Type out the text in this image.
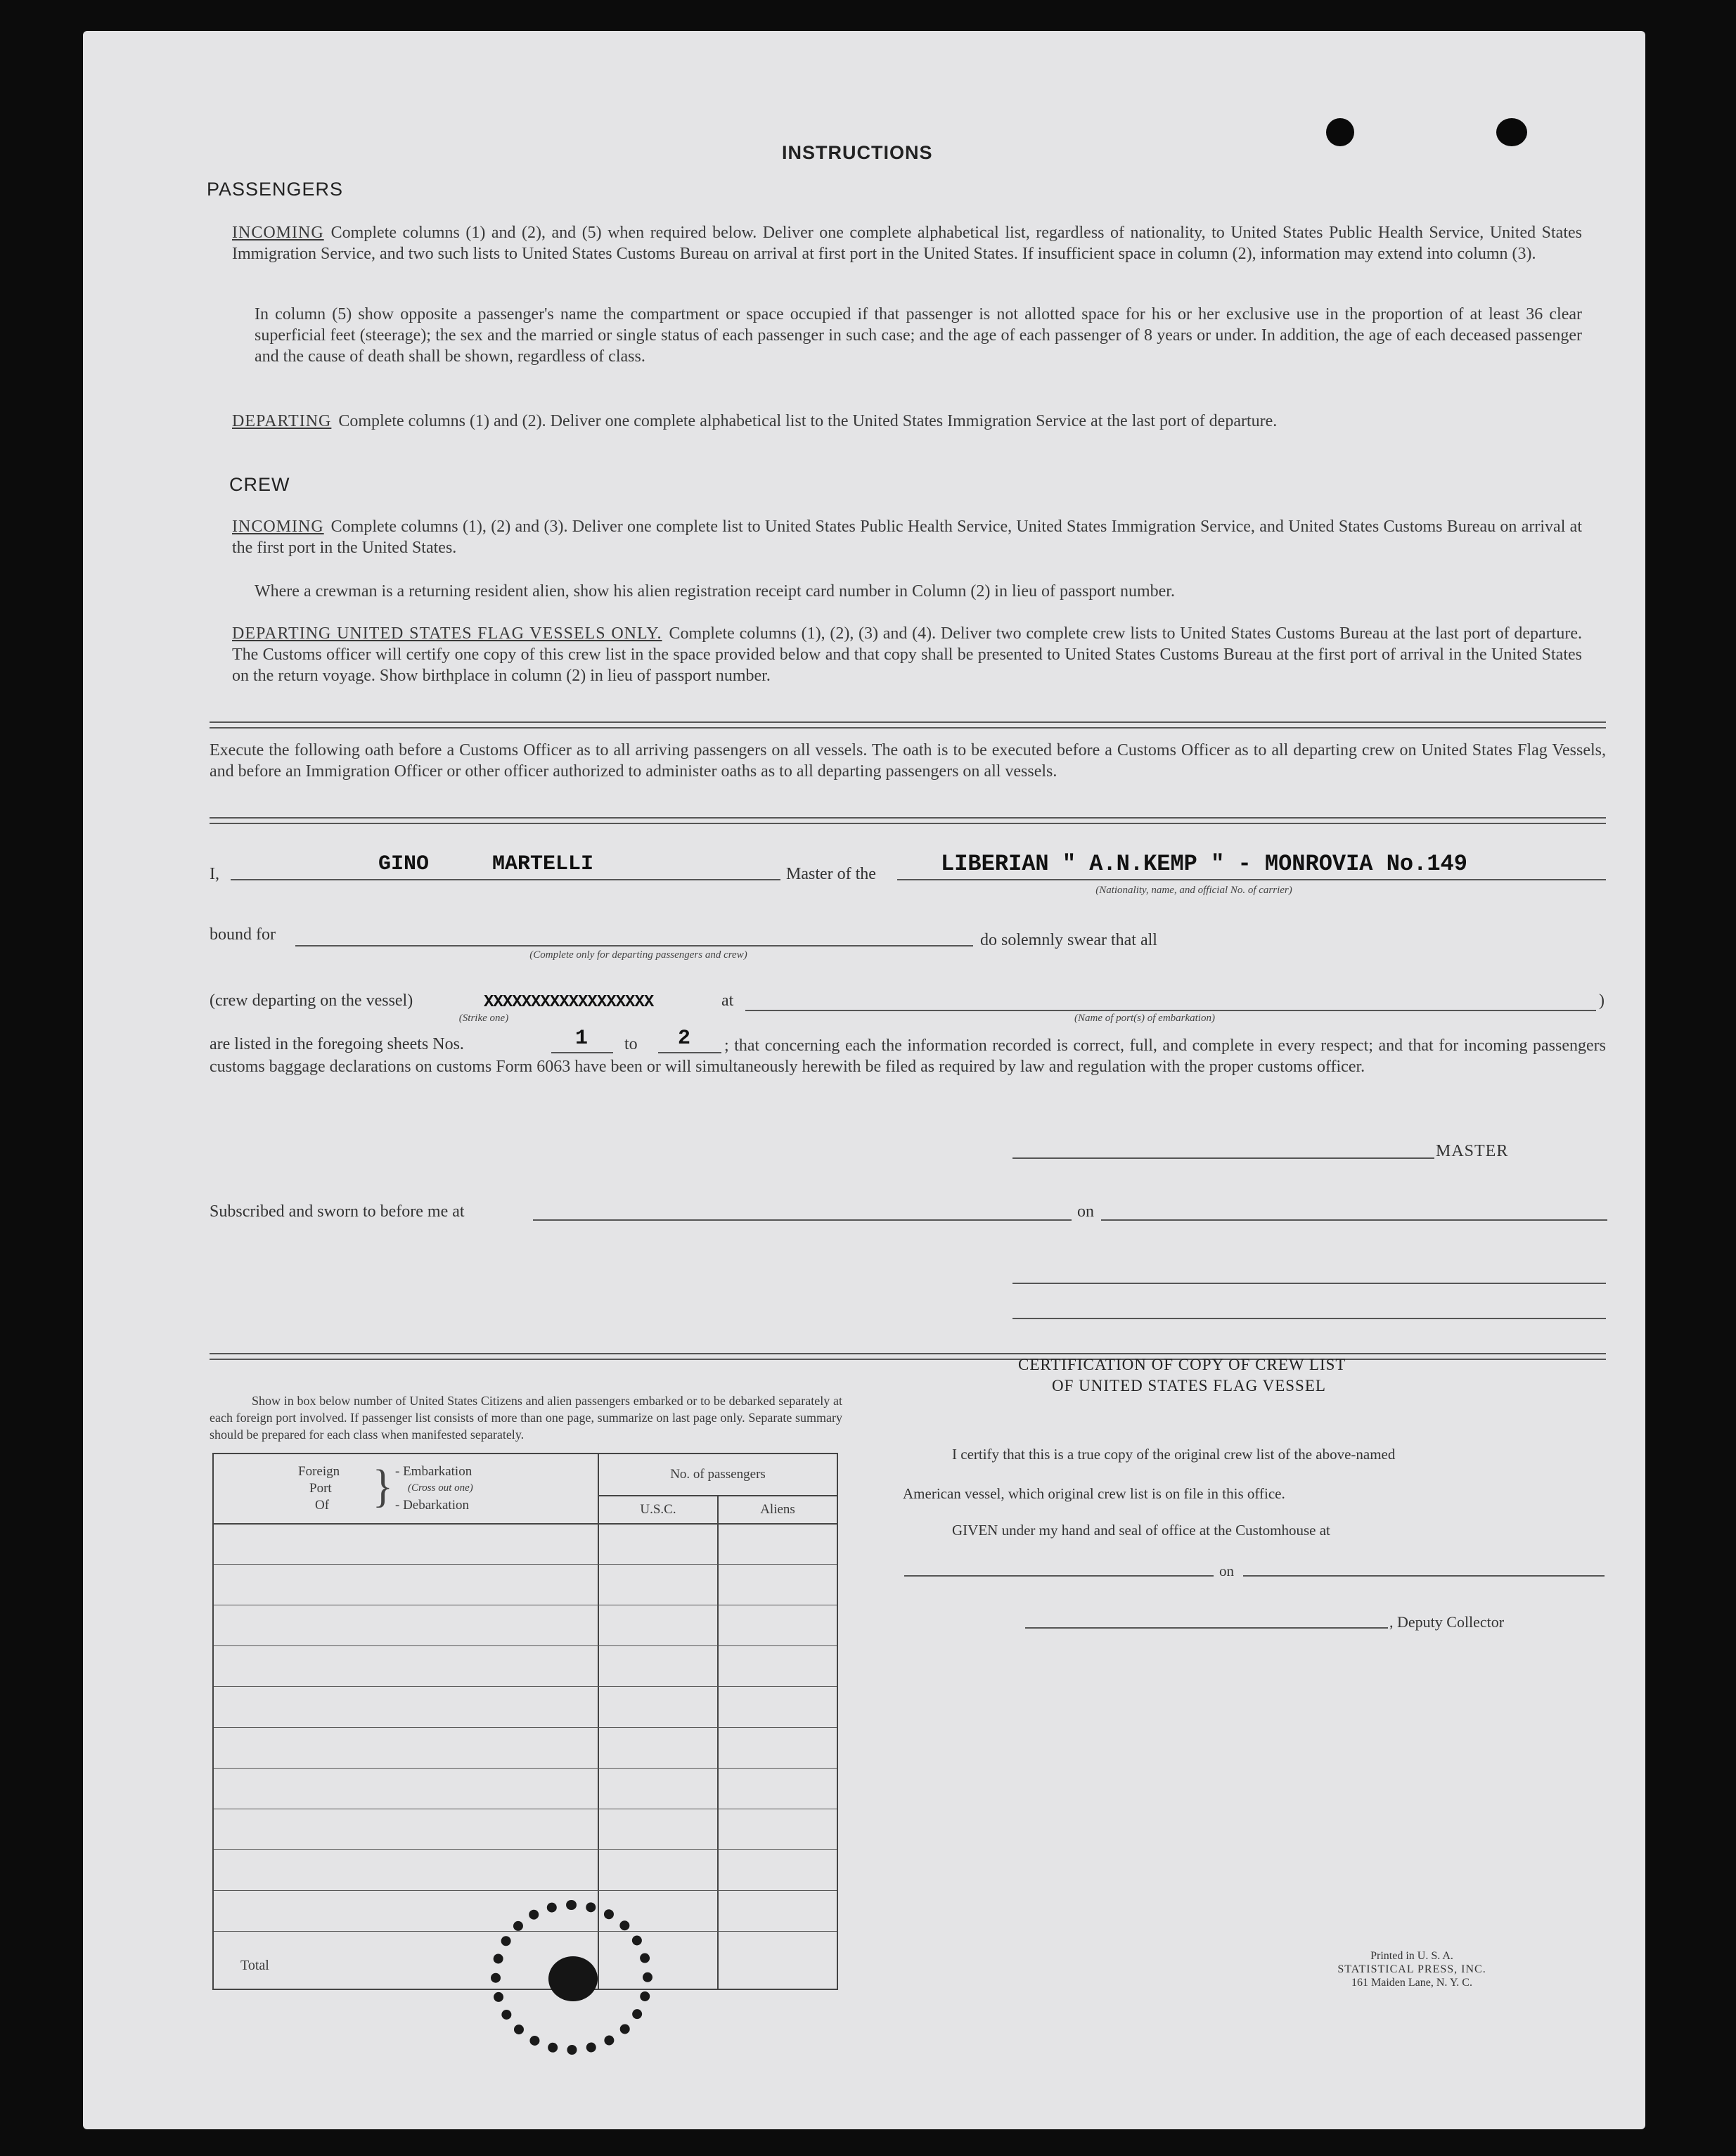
INSTRUCTIONS
PASSENGERS
INCOMING Complete columns (1) and (2), and (5) when required below. Deliver one complete alphabetical list, regardless of nationality, to United States Public Health Service, United States Immigration Service, and two such lists to United States Customs Bureau on arrival at first port in the United States. If insufficient space in column (2), information may extend into column (3).
In column (5) show opposite a passenger's name the compartment or space occupied if that passenger is not allotted space for his or her exclusive use in the proportion of at least 36 clear superficial feet (steerage); the sex and the married or single status of each passenger in such case; and the age of each passenger of 8 years or under. In addition, the age of each deceased passenger and the cause of death shall be shown, regardless of class.
DEPARTING Complete columns (1) and (2). Deliver one complete alphabetical list to the United States Immigration Service at the last port of departure.
CREW
INCOMING Complete columns (1), (2) and (3). Deliver one complete list to United States Public Health Service, United States Immigration Service, and United States Customs Bureau on arrival at the first port in the United States.
Where a crewman is a returning resident alien, show his alien registration receipt card number in Column (2) in lieu of passport number.
DEPARTING UNITED STATES FLAG VESSELS ONLY. Complete columns (1), (2), (3) and (4). Deliver two complete crew lists to United States Customs Bureau at the last port of departure. The Customs officer will certify one copy of this crew list in the space provided below and that copy shall be presented to United States Customs Bureau at the first port of arrival in the United States on the return voyage. Show birthplace in column (2) in lieu of passport number.
Execute the following oath before a Customs Officer as to all arriving passengers on all vessels. The oath is to be executed before a Customs Officer as to all departing crew on United States Flag Vessels, and before an Immigration Officer or other officer authorized to administer oaths as to all departing passengers on all vessels.
I,	GINO     MARTELLI	Master of the	LIBERIAN " A.N.KEMP " - MONROVIA No.149
(Nationality, name, and official No. of carrier)
bound for
(Complete only for departing passengers and crew)
do solemnly swear that all
(crew departing on the vessel)	XXXXXXXXXXXXXXXXXX
(Strike one)
at	)
(Name of port(s) of embarkation)
are listed in the foregoing sheets Nos.	1 to 2 ; that concerning each the information recorded is correct, full, and complete in every respect; and that for incoming passengers
customs baggage declarations on customs Form 6063 have been or will simultaneously herewith be filed as required by law and regulation with the proper customs officer.
MASTER
Subscribed and sworn to before me at	on
Show in box below number of United States Citizens and alien passengers embarked or to be debarked separately at each foreign port involved. If passenger list consists of more than one page, summarize on last page only. Separate summary should be prepared for each class when manifested separately.
Foreign
Port
Of } - Embarkation
(Cross out one)
- Debarkation
No. of passengers
U.S.C.	Aliens
Total
CERTIFICATION OF COPY OF CREW LIST
OF UNITED STATES FLAG VESSEL
I certify that this is a true copy of the original crew list of the above-named
American vessel, which original crew list is on file in this office.
GIVEN under my hand and seal of office at the Customhouse at
on
, Deputy Collector
Printed in U. S. A.
STATISTICAL PRESS, INC.
161 Maiden Lane, N. Y. C.
